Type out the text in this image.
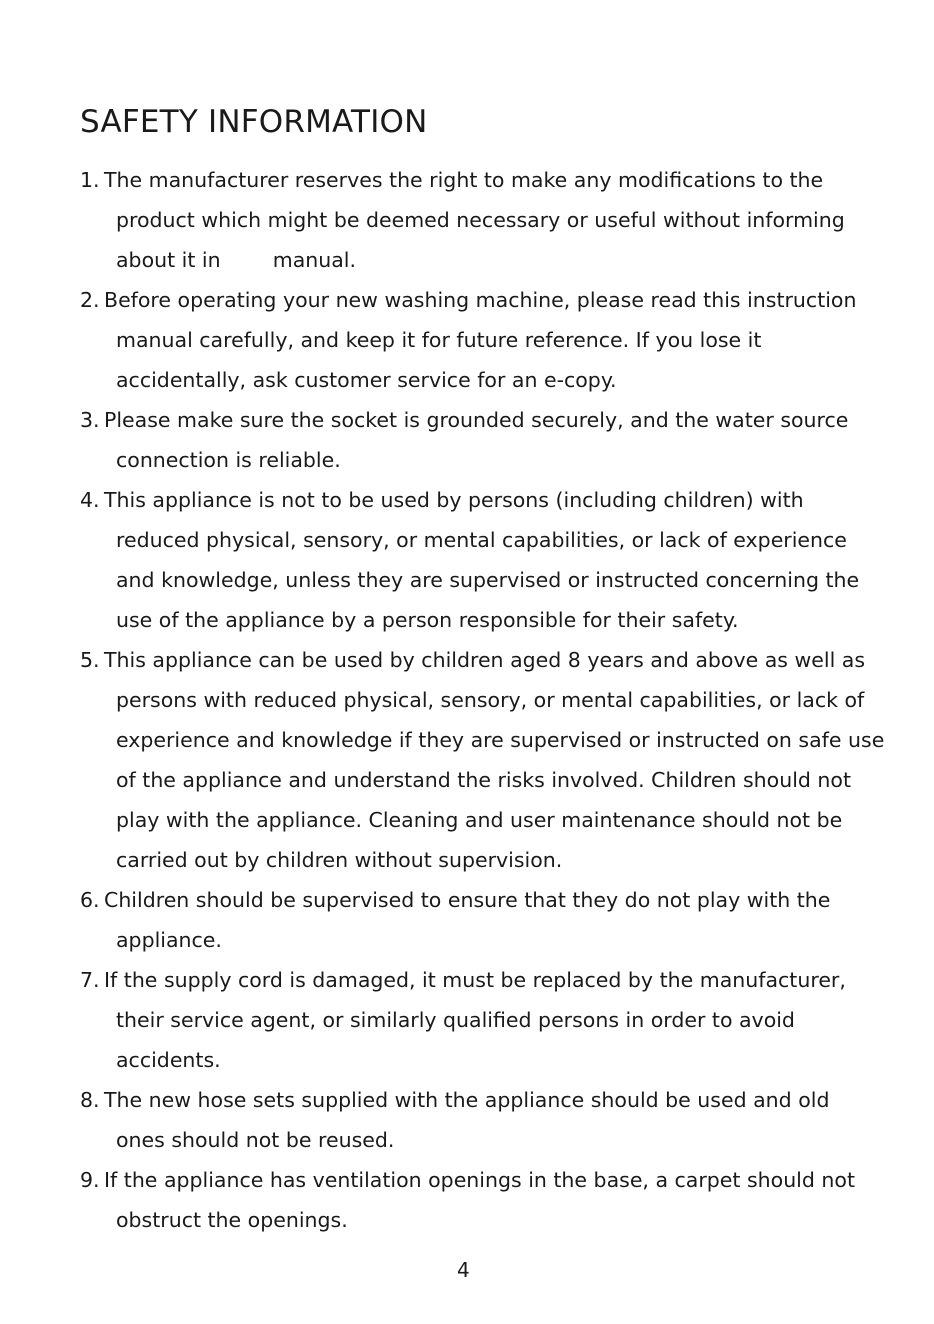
SAFETY INFORMATION
1. The manufacturer reserves the right to make any modifications to the
product which might be deemed necessary or useful without informing
about it in        manual.
2. Before operating your new washing machine, please read this instruction
manual carefully, and keep it for future reference. If you lose it
accidentally, ask customer service for an e-copy.
3. Please make sure the socket is grounded securely, and the water source
connection is reliable.
4. This appliance is not to be used by persons (including children) with
reduced physical, sensory, or mental capabilities, or lack of experience
and knowledge, unless they are supervised or instructed concerning the
use of the appliance by a person responsible for their safety.
5. This appliance can be used by children aged 8 years and above as well as
persons with reduced physical, sensory, or mental capabilities, or lack of
experience and knowledge if they are supervised or instructed on safe use
of the appliance and understand the risks involved. Children should not
play with the appliance. Cleaning and user maintenance should not be
carried out by children without supervision.
6. Children should be supervised to ensure that they do not play with the
appliance.
7. If the supply cord is damaged, it must be replaced by the manufacturer,
their service agent, or similarly qualified persons in order to avoid
accidents.
8. The new hose sets supplied with the appliance should be used and old
ones should not be reused.
9. If the appliance has ventilation openings in the base, a carpet should not
obstruct the openings.
4
